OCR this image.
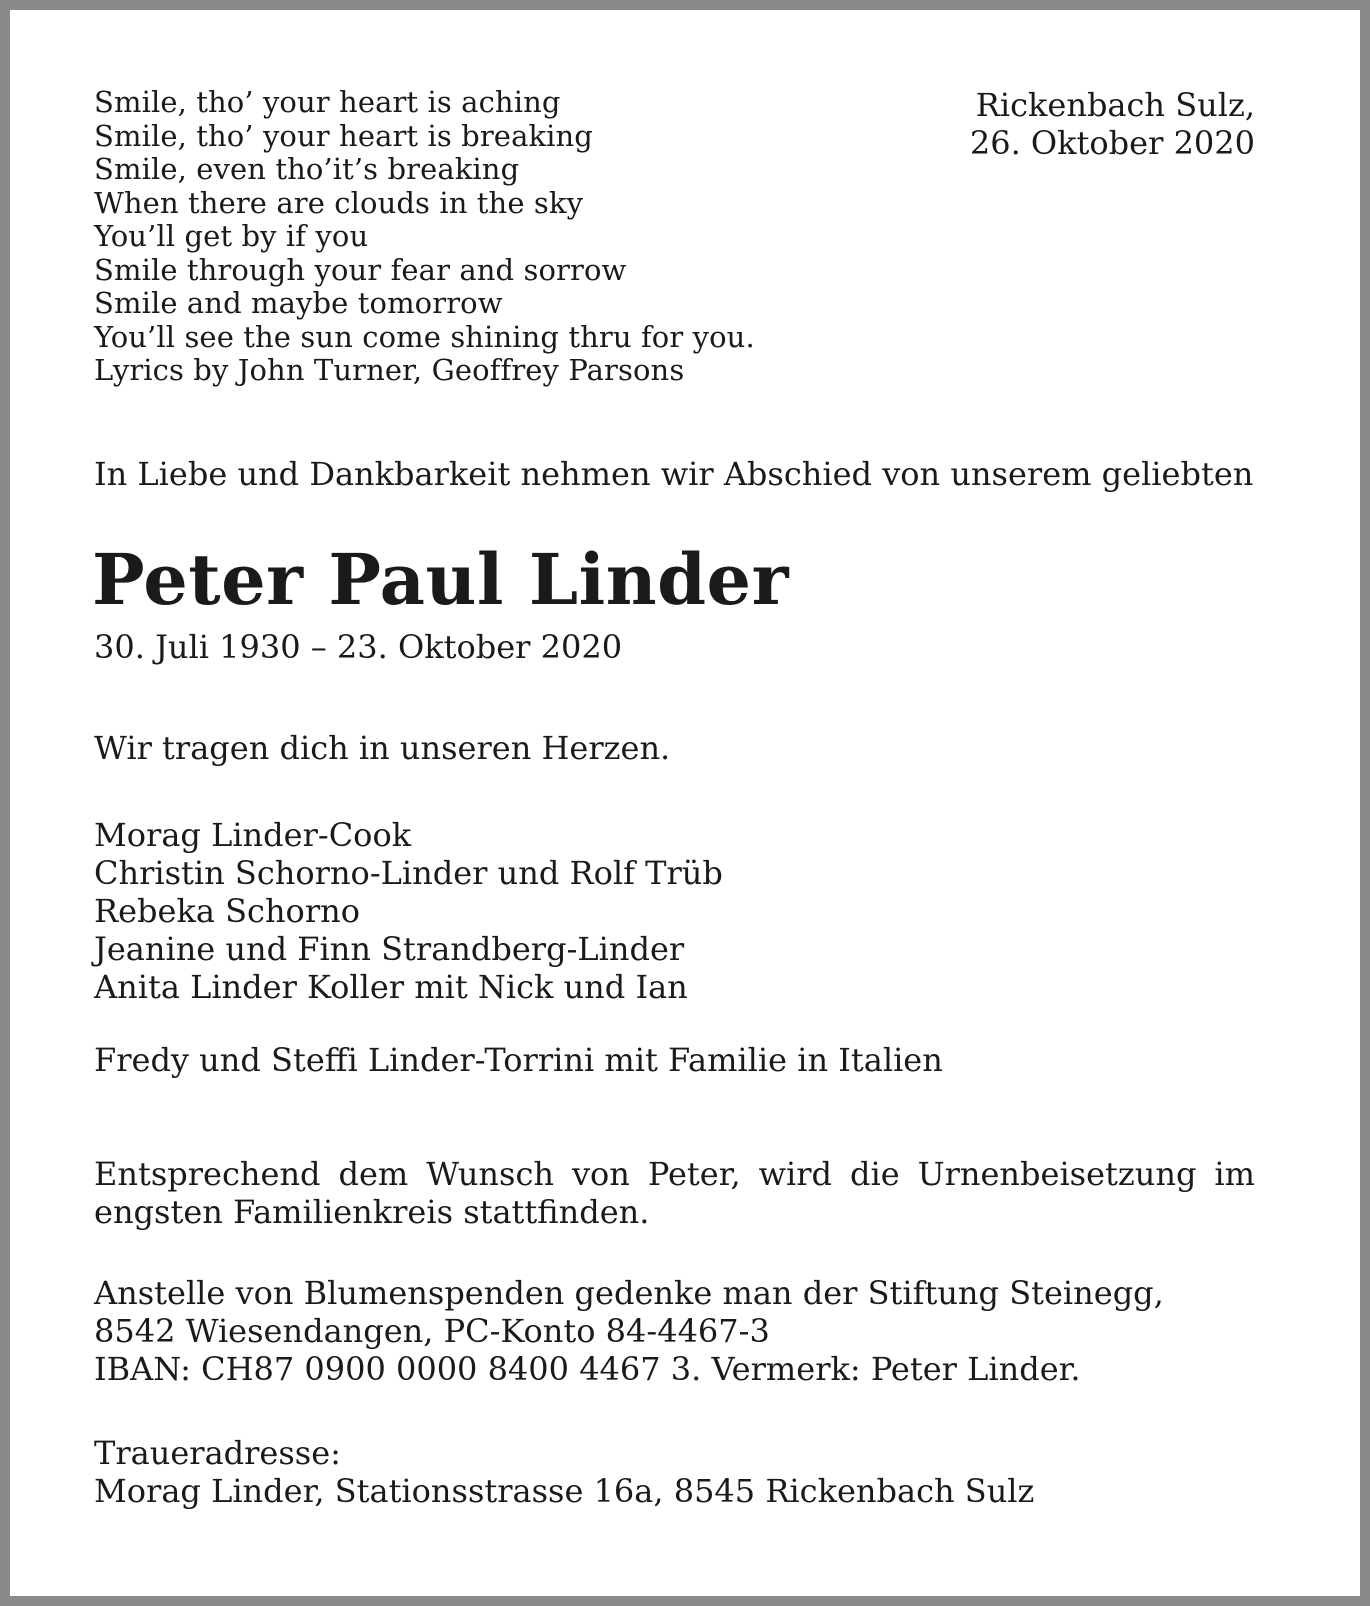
Smile, tho’ your heart is aching
Smile, tho’ your heart is breaking
Smile, even tho’it’s breaking
When there are clouds in the sky
You’ll get by if you
Smile through your fear and sorrow
Smile and maybe tomorrow
You’ll see the sun come shining thru for you.
Lyrics by John Turner, Geoffrey Parsons
Rickenbach Sulz,
26. Oktober 2020
In Liebe und Dankbarkeit nehmen wir Abschied von unserem geliebten
Peter Paul Linder
30. Juli 1930 – 23. Oktober 2020
Wir tragen dich in unseren Herzen.
Morag Linder-Cook
Christin Schorno-Linder und Rolf Trüb
Rebeka Schorno
Jeanine und Finn Strandberg-Linder
Anita Linder Koller mit Nick und Ian
Fredy und Steffi Linder-Torrini mit Familie in Italien
Entsprechend dem Wunsch von Peter, wird die Urnenbeisetzung im engsten Familienkreis stattfinden.
Anstelle von Blumenspenden gedenke man der Stiftung Steinegg,
8542 Wiesendangen, PC-Konto 84-4467-3
IBAN: CH87 0900 0000 8400 4467 3. Vermerk: Peter Linder.
Traueradresse:
Morag Linder, Stationsstrasse 16a, 8545 Rickenbach Sulz
